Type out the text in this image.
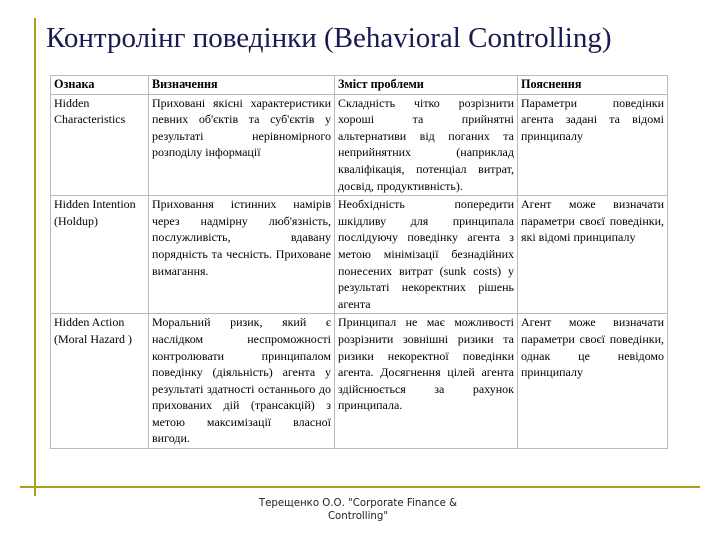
Контролінг поведінки (Behavioral Controlling)
Ознака	Визначення	Зміст проблеми	Пояснення
Hidden Characteristics	Приховані якісні характеристики певних об'єктів та суб'єктів у результаті нерівномірного розподілу інформації	Складність чітко розрізнити хороші та прийнятні альтернативи від поганих та неприйнятних (наприклад кваліфікація, потенціал витрат, досвід, продуктивність).	Параметри поведінки агента задані та відомі принципалу
Hidden Intention (Holdup)	Приховання істинних намірів через надмірну люб'язність, послужливість, вдавану порядність та чесність. Приховане вимагання.	Необхідність попередити шкідливу для принципала послідуючу поведінку агента з метою мінімізації безнадійних понесених витрат (sunk costs) у результаті некоректних рішень агента	Агент може визначати параметри своєї поведінки, які відомі принципалу
Hidden Action (Moral Hazard )	Моральний ризик, який є наслідком неспроможності контролювати принципалом поведінку (діяльність) агента у результаті здатності останнього до прихованих дій (трансакцій) з метою максимізації власної вигоди.	Принципал не має можливості розрізнити зовнішні ризики та ризики некоректної поведінки агента. Досягнення цілей агента здійснюється за рахунок принципала.	Агент може визначати параметри своєї поведінки, однак це невідомо принципалу
Терещенко О.О. "Corporate Finance & Controlling"
